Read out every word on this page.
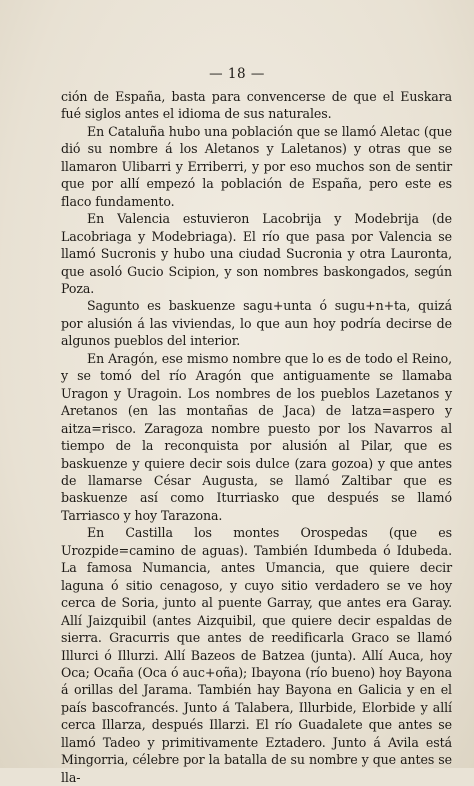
— 18 —

ción de España, basta para convencerse de que el Euskara fué siglos antes el idioma de sus naturales.

En Cataluña hubo una población que se llamó Aletac (que dió su nombre á los Aletanos y Laletanos) y otras que se llamaron Ulibarri y Erriberri, y por eso muchos son de sentir que por allí empezó la población de España, pero este es flaco fundamento.

En Valencia estuvieron Lacobrija y Modebrija (de Lacobriaga y Modebriaga). El río que pasa por Valencia se llamó Sucronis y hubo una ciudad Sucronia y otra Lauronta, que asoló Gucio Scipion, y son nombres baskongados, según Poza.

Sagunto es baskuenze sagu+unta ó sugu+n+ta, quizá por alusión á las viviendas, lo que aun hoy podría decirse de algunos pueblos del interior.

En Aragón, ese mismo nombre que lo es de todo el Reino, y se tomó del río Aragón que antiguamente se llamaba Uragon y Uragoin. Los nombres de los pueblos Lazetanos y Aretanos (en las montañas de Jaca) de latza=aspero y aitza=risco. Zaragoza nombre puesto por los Navarros al tiempo de la reconquista por alusión al Pilar, que es baskuenze y quiere decir sois dulce (zara gozoa) y que antes de llamarse César Augusta, se llamó Zaltibar que es baskuenze así como Iturriasko que después se llamó Tarriasco y hoy Tarazona.

En Castilla los montes Orospedas (que es Urozpide=camino de aguas). También Idumbeda ó Idubeda. La famosa Numancia, antes Umancia, que quiere decir laguna ó sitio cenagoso, y cuyo sitio verdadero se ve hoy cerca de Soria, junto al puente Garray, que antes era Garay. Allí Jaizquibil (antes Aizquibil, que quiere decir espaldas de sierra. Gracurris que antes de reedificarla Graco se llamó Illurci ó Illurzi. Allí Bazeos de Batzea (junta). Allí Auca, hoy Oca; Ocaña (Oca ó auc+oña); Ibayona (río bueno) hoy Bayona á orillas del Jarama. También hay Bayona en Galicia y en el país bascofrancés. Junto á Talabera, Illurbide, Elorbide y allí cerca Illarza, después Illarzi. El río Guadalete que antes se llamó Tadeo y primitivamente Eztadero. Junto á Avila está Mingorria, célebre por la batalla de su nombre y que antes se lla-
